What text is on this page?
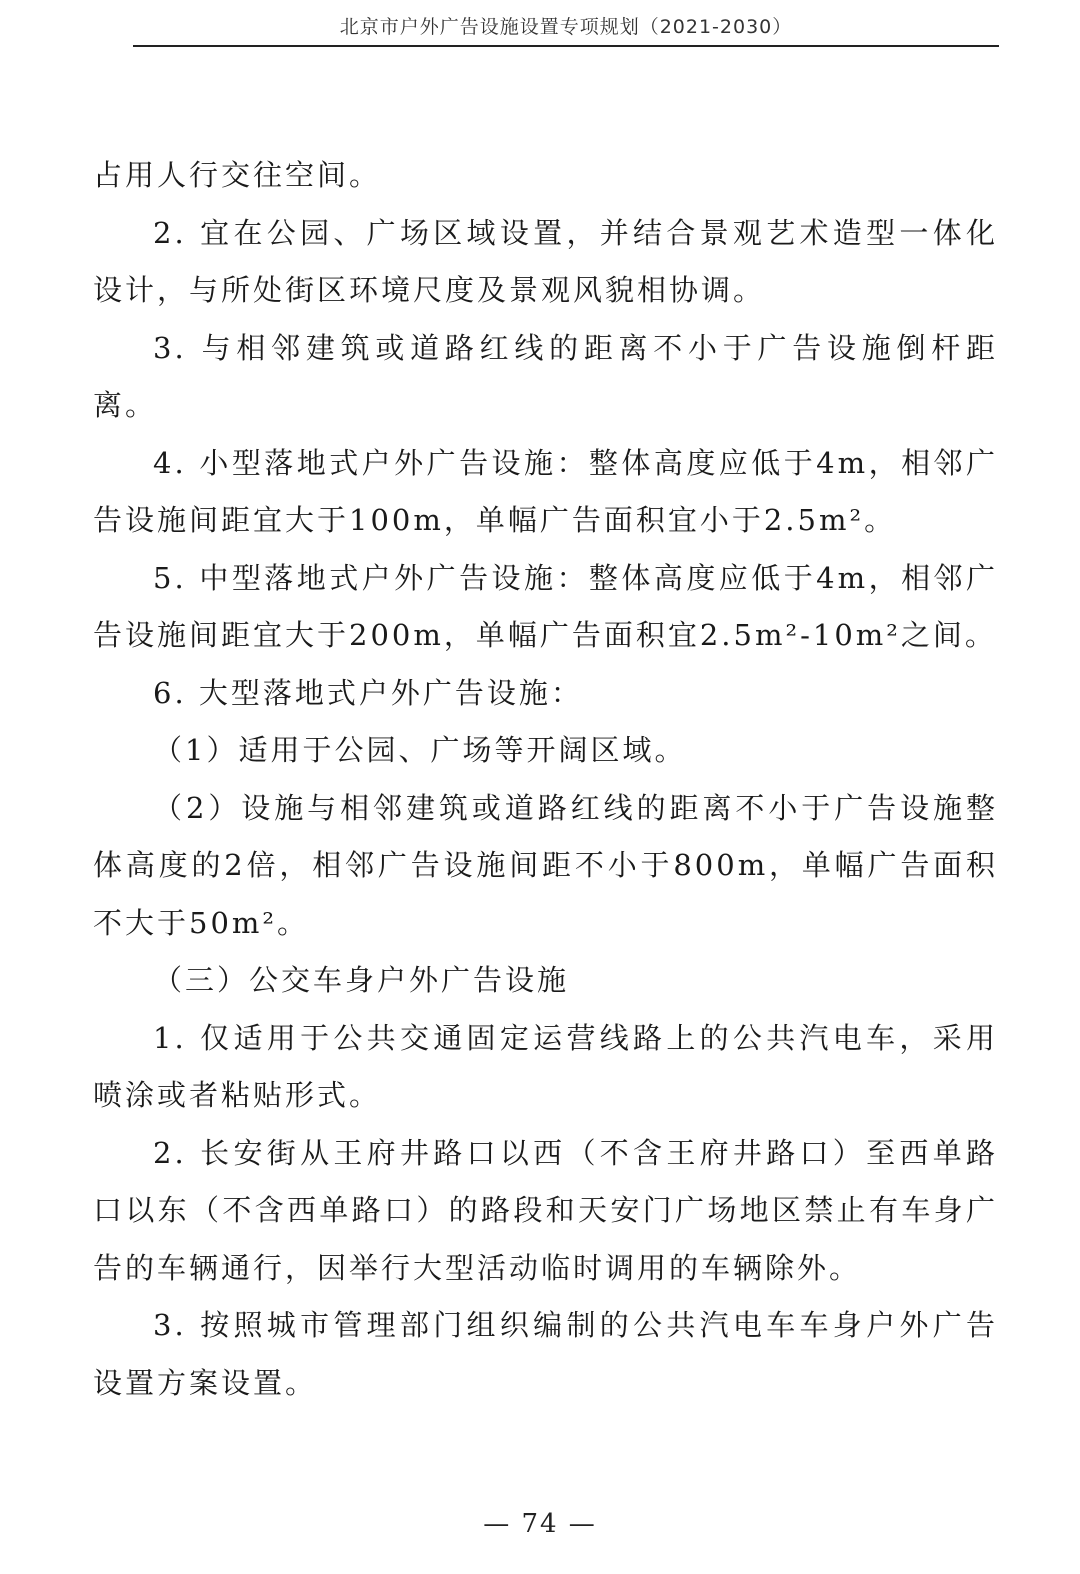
北京市户外广告设施设置专项规划（2021-2030）

占用人行交往空间。

2. 宜在公园、广场区域设置，并结合景观艺术造型一体化设计，与所处街区环境尺度及景观风貌相协调。

3. 与相邻建筑或道路红线的距离不小于广告设施倒杆距离。

4. 小型落地式户外广告设施：整体高度应低于4m，相邻广告设施间距宜大于100m，单幅广告面积宜小于2.5m²。

5. 中型落地式户外广告设施：整体高度应低于4m，相邻广告设施间距宜大于200m，单幅广告面积宜2.5m²-10m²之间。

6. 大型落地式户外广告设施：

（1）适用于公园、广场等开阔区域。

（2）设施与相邻建筑或道路红线的距离不小于广告设施整体高度的2倍，相邻广告设施间距不小于800m，单幅广告面积不大于50m²。

（三）公交车身户外广告设施

1. 仅适用于公共交通固定运营线路上的公共汽电车，采用喷涂或者粘贴形式。

2. 长安街从王府井路口以西（不含王府井路口）至西单路口以东（不含西单路口）的路段和天安门广场地区禁止有车身广告的车辆通行，因举行大型活动临时调用的车辆除外。

3. 按照城市管理部门组织编制的公共汽电车车身户外广告设置方案设置。

— 74 —
